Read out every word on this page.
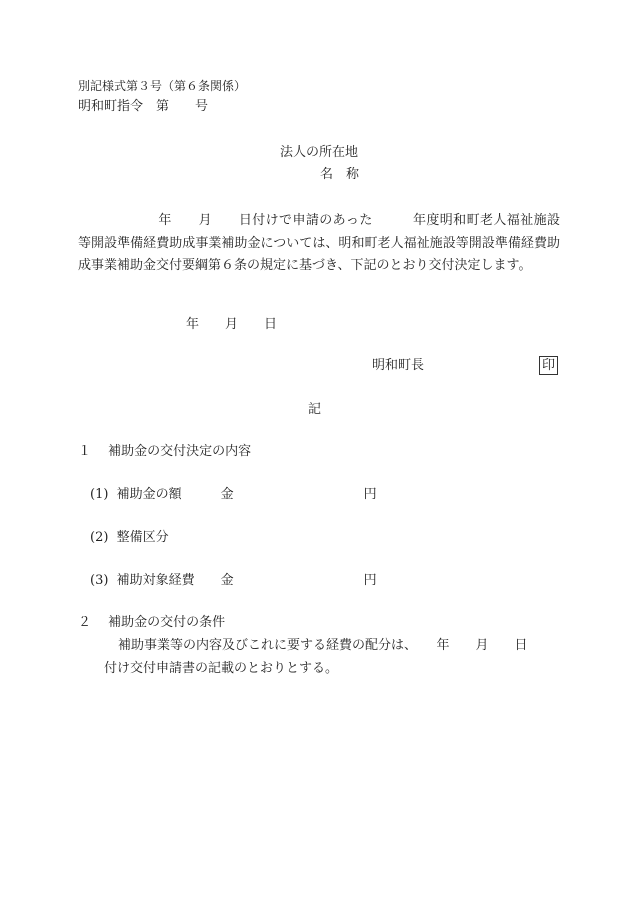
別記様式第３号（第６条関係）
明和町指令　第　　号
法人の所在地
名　称
年　　月　　日付けで申請のあった　　　年度明和町老人福祉施設等開設準備経費助成事業補助金については、明和町老人福祉施設等開設準備経費助成事業補助金交付要綱第６条の規定に基づき、下記のとおり交付決定します。
年　　月　　日
明和町長	印
記
１　 補助金の交付決定の内容
(1)  補助金の額　　　金　　　　　　　　　　円
(2)  整備区分
(3)  補助対象経費　　金　　　　　　　　　　円
２　 補助金の交付の条件
補助事業等の内容及びこれに要する経費の配分は、　　年　　月　　日
付け交付申請書の記載のとおりとする。
